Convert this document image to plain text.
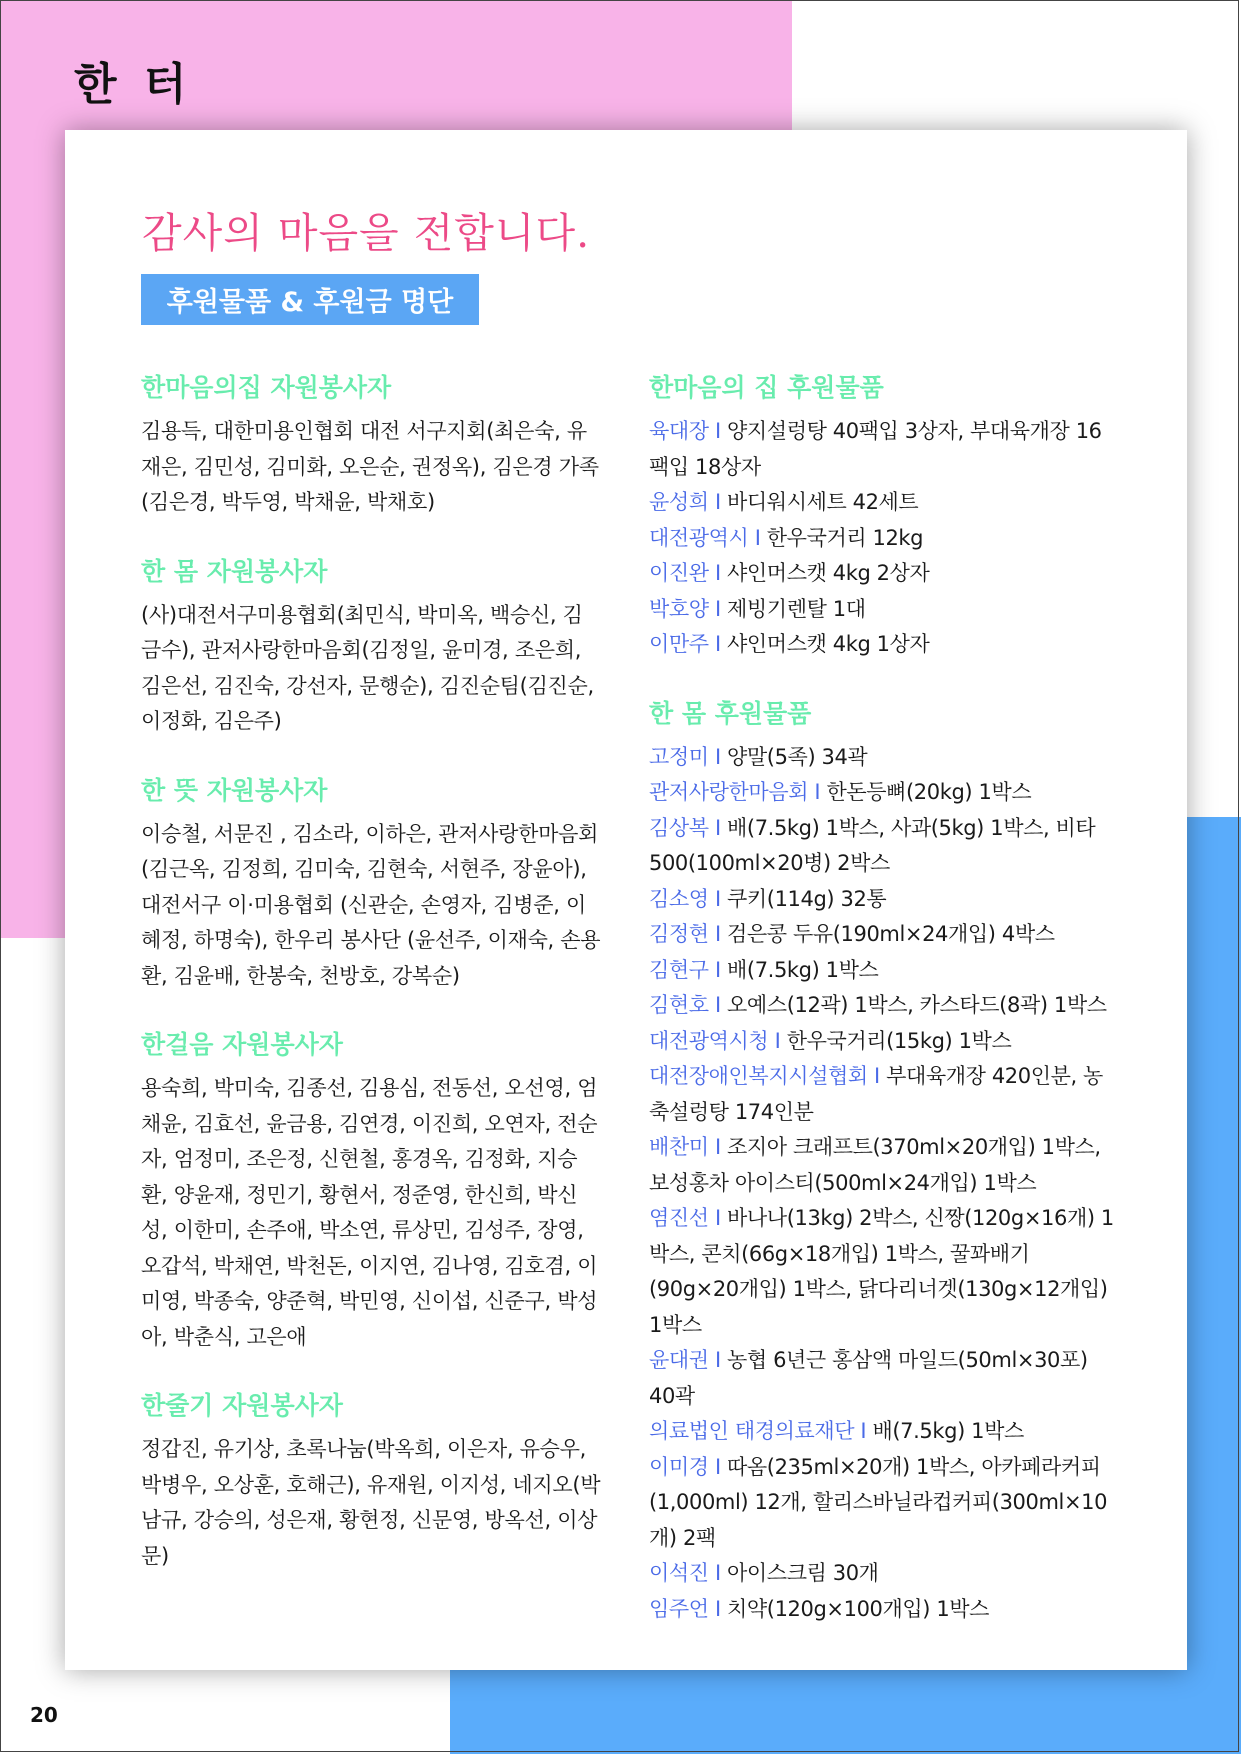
한 터
감사의 마음을 전합니다.
후원물품 & 후원금 명단
한마음의집 자원봉사자
김용득, 대한미용인협회 대전 서구지회(최은숙, 유재은, 김민성, 김미화, 오은순, 권정옥), 김은경 가족(김은경, 박두영, 박채윤, 박채호)
한 몸 자원봉사자
(사)대전서구미용협회(최민식, 박미옥, 백승신, 김금수), 관저사랑한마음회(김정일, 윤미경, 조은희, 김은선, 김진숙, 강선자, 문행순), 김진순팀(김진순, 이정화, 김은주)
한 뜻 자원봉사자
이승철, 서문진 , 김소라, 이하은, 관저사랑한마음회 (김근옥, 김정희, 김미숙, 김현숙, 서현주, 장윤아), 대전서구 이·미용협회 (신관순, 손영자, 김병준, 이혜정, 하명숙), 한우리 봉사단 (윤선주, 이재숙, 손용환, 김윤배, 한봉숙, 천방호, 강복순)
한걸음 자원봉사자
용숙희, 박미숙, 김종선, 김용심, 전동선, 오선영, 엄채윤, 김효선, 윤금용, 김연경, 이진희, 오연자, 전순자, 엄정미, 조은정, 신현철, 홍경옥, 김정화, 지승환, 양윤재, 정민기, 황현서, 정준영, 한신희, 박신성, 이한미, 손주애, 박소연, 류상민, 김성주, 장영, 오갑석, 박채연, 박천돈, 이지연, 김나영, 김호겸, 이미영, 박종숙, 양준혁, 박민영, 신이섭, 신준구, 박성아, 박춘식, 고은애
한줄기 자원봉사자
정갑진, 유기상, 초록나눔(박옥희, 이은자, 유승우, 박병우, 오상훈, 호해근), 유재원, 이지성, 네지오(박남규, 강승의, 성은재, 황현정, 신문영, 방옥선, 이상문)
한마음의 집 후원물품
육대장 I 양지설렁탕 40팩입 3상자, 부대육개장 16팩입 18상자
윤성희 I 바디워시세트 42세트
대전광역시 I 한우국거리 12kg
이진완 I 샤인머스캣 4kg 2상자
박호양 I 제빙기렌탈 1대
이만주 I 샤인머스캣 4kg 1상자
한 몸 후원물품
고정미 I 양말(5족) 34곽
관저사랑한마음회 I 한돈등뼈(20kg) 1박스
김상복 I 배(7.5kg) 1박스, 사과(5kg) 1박스, 비타500(100ml×20병) 2박스
김소영 I 쿠키(114g) 32통
김정현 I 검은콩 두유(190ml×24개입) 4박스
김현구 I 배(7.5kg) 1박스
김현호 I 오예스(12곽) 1박스, 카스타드(8곽) 1박스
대전광역시청 I 한우국거리(15kg) 1박스
대전장애인복지시설협회 I 부대육개장 420인분, 농축설렁탕 174인분
배찬미 I 조지아 크래프트(370ml×20개입) 1박스, 보성홍차 아이스티(500ml×24개입) 1박스
염진선 I 바나나(13kg) 2박스, 신짱(120g×16개) 1박스, 콘치(66g×18개입) 1박스, 꿀꽈배기(90g×20개입) 1박스, 닭다리너겟(130g×12개입) 1박스
윤대권 I 농협 6년근 홍삼액 마일드(50ml×30포) 40곽
의료법인 태경의료재단 I 배(7.5kg) 1박스
이미경 I 따옴(235ml×20개) 1박스, 아카페라커피(1,000ml) 12개, 할리스바닐라컵커피(300ml×10개) 2팩
이석진 I 아이스크림 30개
임주언 I 치약(120g×100개입) 1박스
20
